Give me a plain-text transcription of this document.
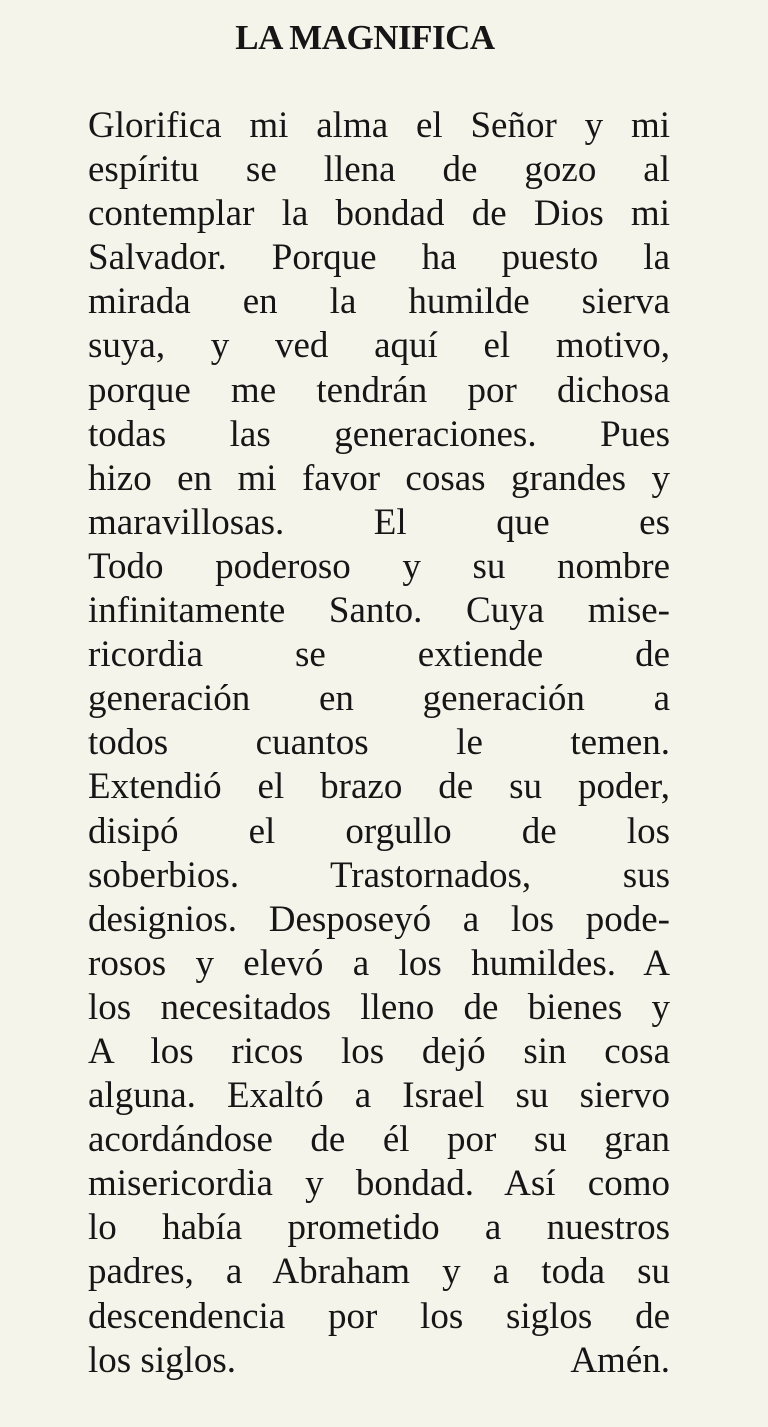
LA MAGNIFICA
Glorifica mi alma el Señor y mi
espíritu se llena de gozo al
contemplar la bondad de Dios mi
Salvador. Porque ha puesto la
mirada en la humilde sierva
suya, y ved aquí el motivo,
porque me tendrán por dichosa
todas las generaciones. Pues
hizo en mi favor cosas grandes y
maravillosas. El que es
Todo poderoso y su nombre
infinitamente Santo. Cuya mise-
ricordia se extiende de
generación en generación a
todos cuantos le temen.
Extendió el brazo de su poder,
disipó el orgullo de los
soberbios. Trastornados, sus
designios. Desposeyó a los pode-
rosos y elevó a los humildes. A
los necesitados lleno de bienes y
A los ricos los dejó sin cosa
alguna. Exaltó a Israel su siervo
acordándose de él por su gran
misericordia y bondad. Así como
lo había prometido a nuestros
padres, a Abraham y a toda su
descendencia por los siglos de
los siglos.	Amén.
